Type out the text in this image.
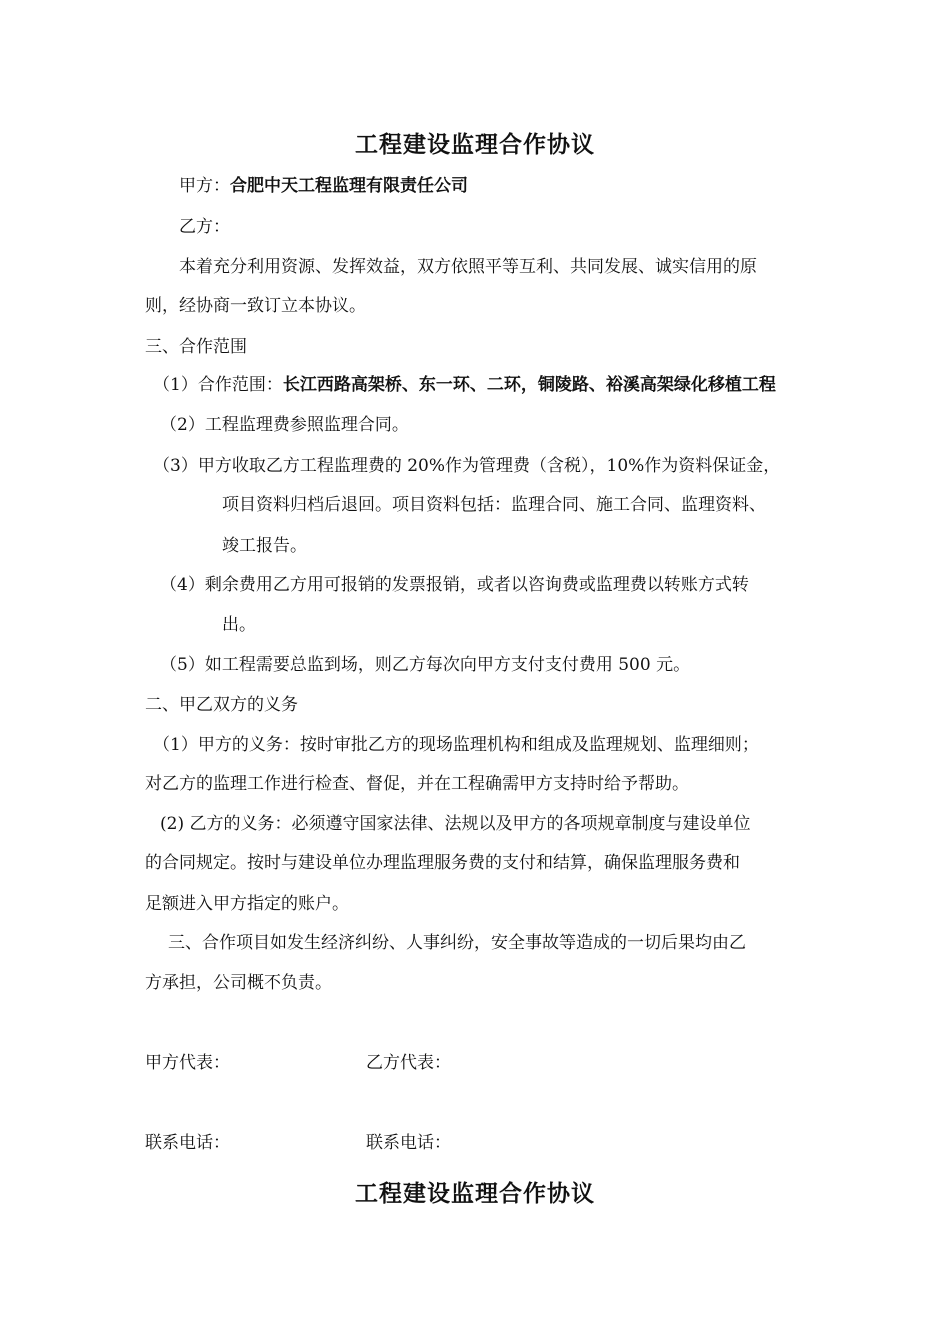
工程建设监理合作协议
甲方：合肥中天工程监理有限责任公司
乙方：
本着充分利用资源、发挥效益，双方依照平等互利、共同发展、诚实信用的原
则，经协商一致订立本协议。
三、合作范围
（1）合作范围：长江西路高架桥、东一环、二环，铜陵路、裕溪高架绿化移植工程
（2）工程监理费参照监理合同。
（3）甲方收取乙方工程监理费的 20%作为管理费（含税），10%作为资料保证金，
项目资料归档后退回。项目资料包括：监理合同、施工合同、监理资料、
竣工报告。
（4）剩余费用乙方用可报销的发票报销，或者以咨询费或监理费以转账方式转
出。
（5）如工程需要总监到场，则乙方每次向甲方支付支付费用 500 元。
二、甲乙双方的义务
（1）甲方的义务：按时审批乙方的现场监理机构和组成及监理规划、监理细则；
对乙方的监理工作进行检查、督促，并在工程确需甲方支持时给予帮助。
(2) 乙方的义务：必须遵守国家法律、法规以及甲方的各项规章制度与建设单位
的合同规定。按时与建设单位办理监理服务费的支付和结算，确保监理服务费和
足额进入甲方指定的账户。
三、合作项目如发生经济纠纷、人事纠纷，安全事故等造成的一切后果均由乙
方承担，公司概不负责。
甲方代表：	乙方代表：
联系电话：	联系电话：
工程建设监理合作协议
